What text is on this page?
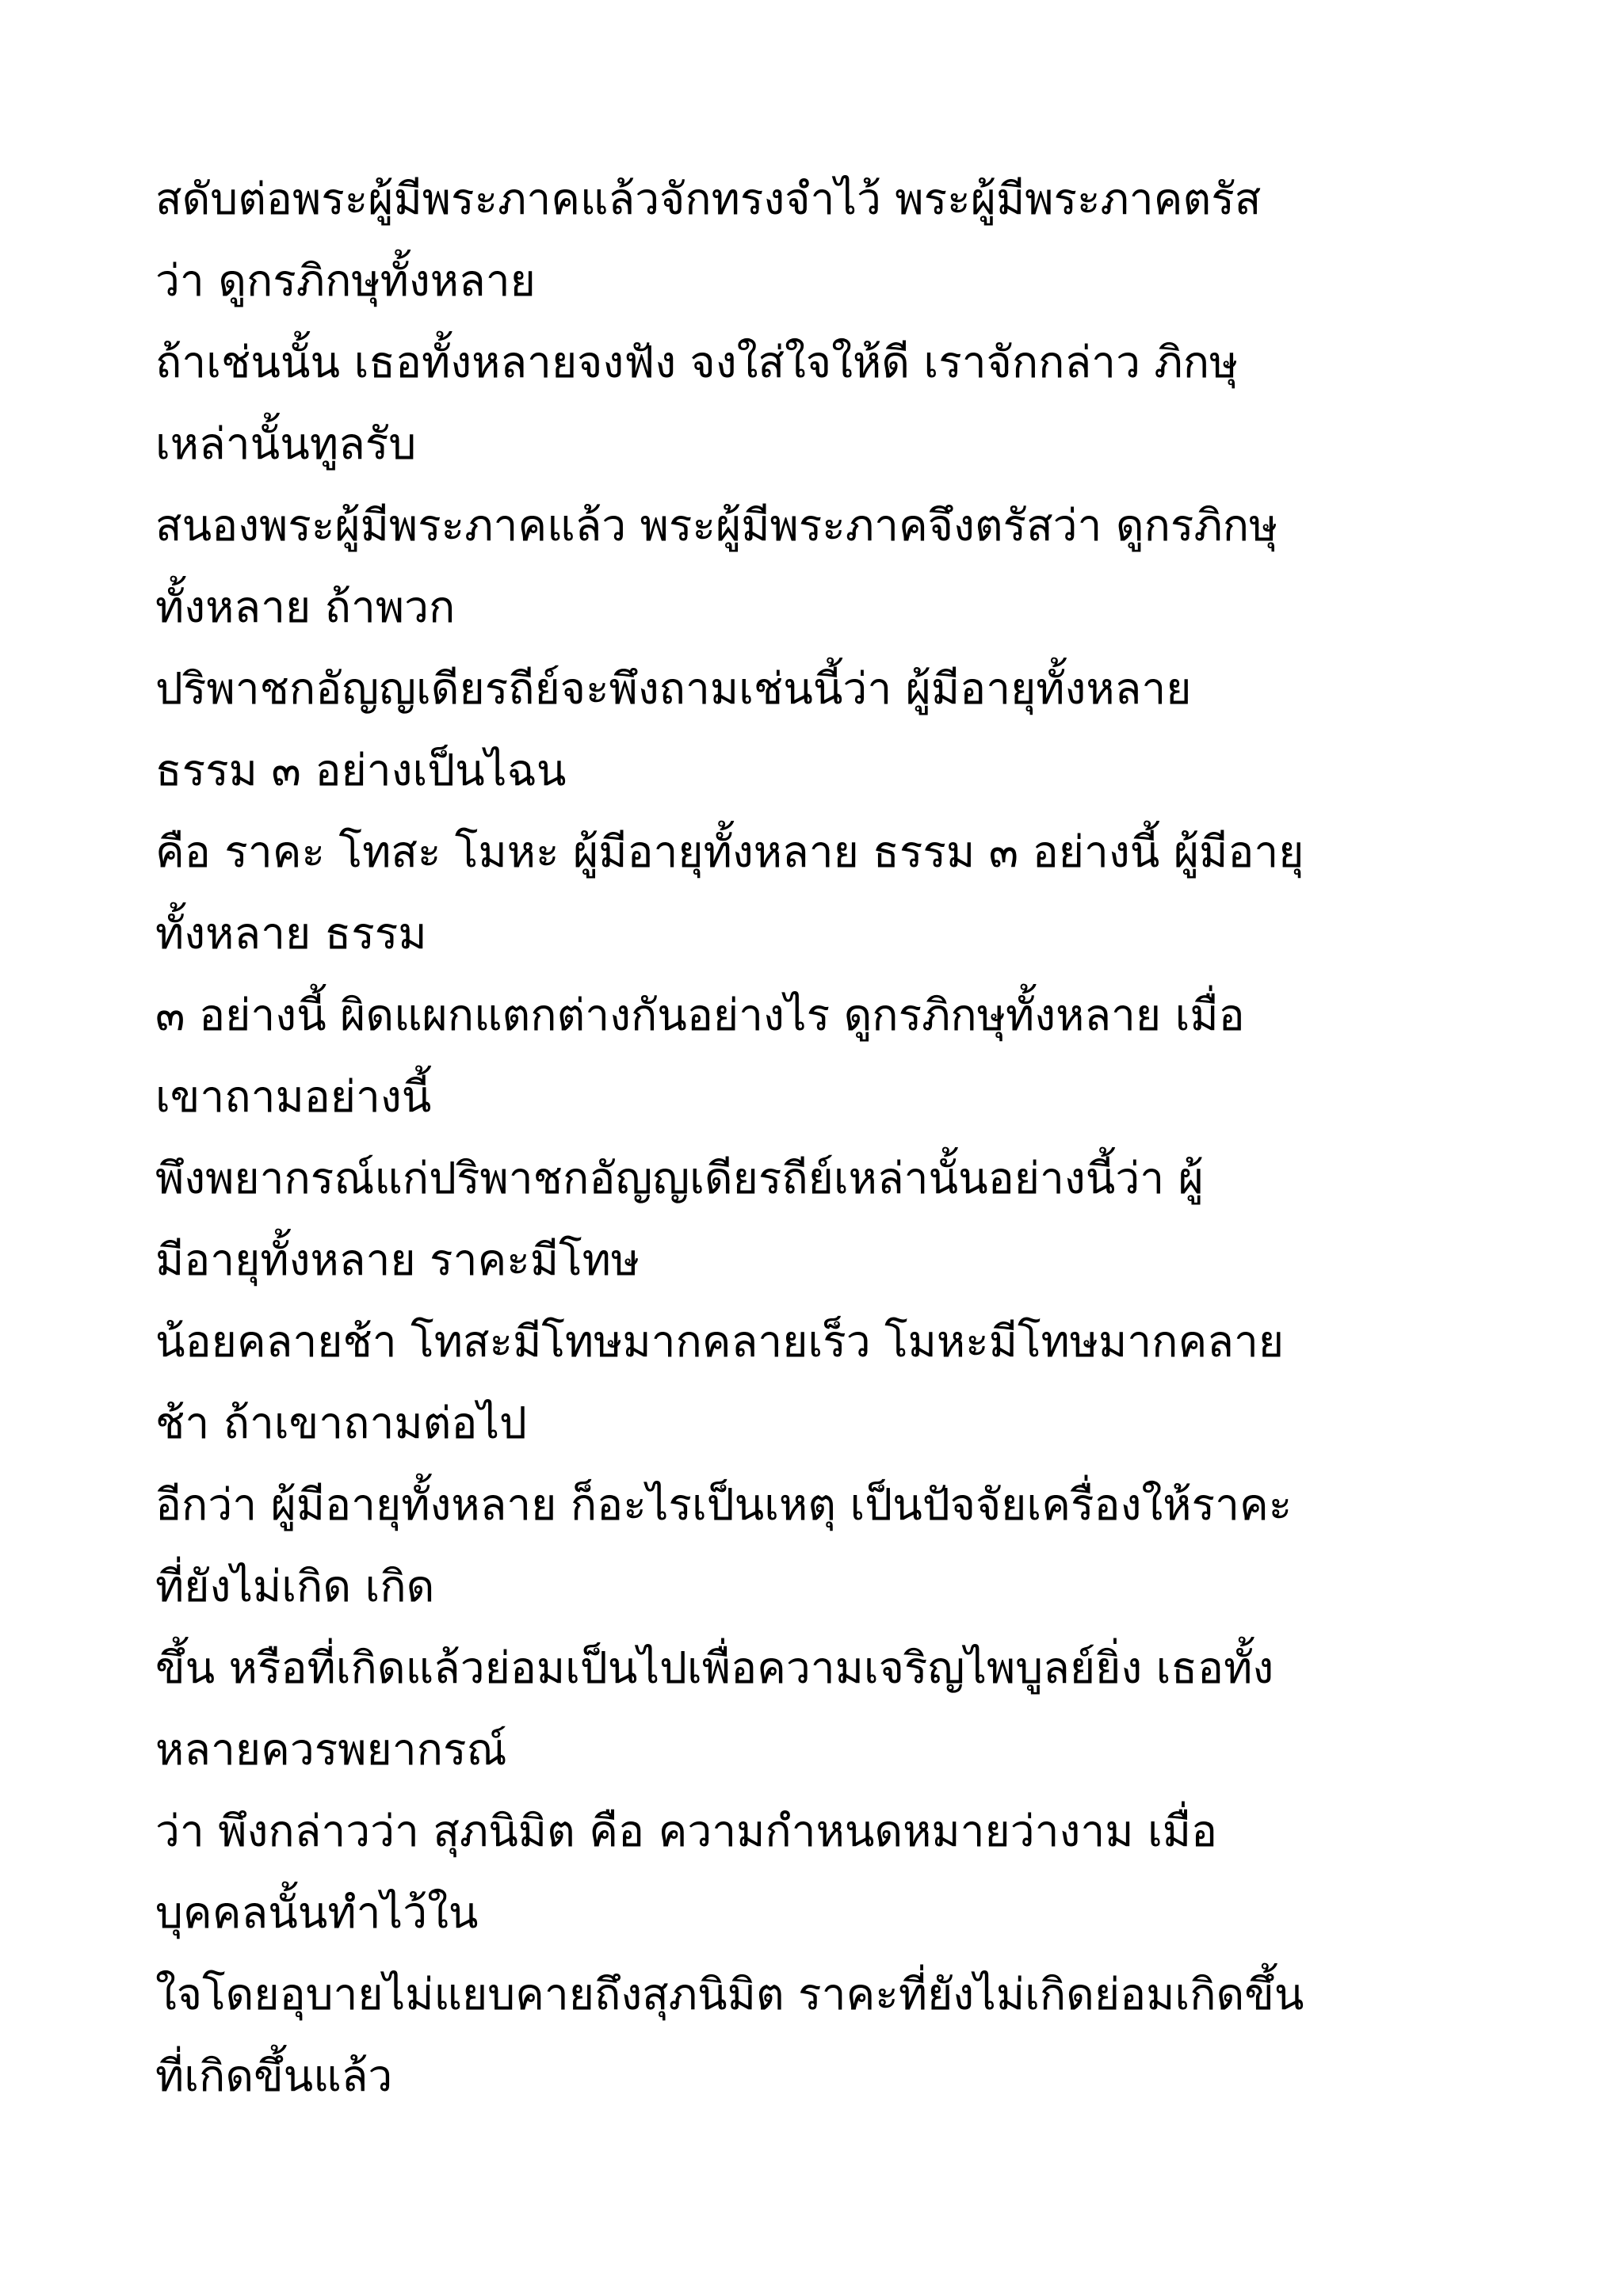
สดับต่อพระผู้มีพระภาคแล้วจักทรงจำไว้ พระผู้มีพระภาคตรัส
ว่า ดูกรภิกษุทั้งหลาย
ถ้าเช่นนั้น เธอทั้งหลายจงฟัง จงใส่ใจให้ดี เราจักกล่าว ภิกษุ
เหล่านั้นทูลรับ
สนองพระผู้มีพระภาคแล้ว พระผู้มีพระภาคจึงตรัสว่า ดูกรภิกษุ
ทั้งหลาย ถ้าพวก
ปริพาชกอัญญเดียรถีย์จะพึงถามเช่นนี้ว่า ผู้มีอายุทั้งหลาย
ธรรม ๓ อย่างเป็นไฉน
คือ ราคะ โทสะ โมหะ ผู้มีอายุทั้งหลาย ธรรม ๓ อย่างนี้ ผู้มีอายุ
ทั้งหลาย ธรรม
๓ อย่างนี้ ผิดแผกแตกต่างกันอย่างไร ดูกรภิกษุทั้งหลาย เมื่อ
เขาถามอย่างนี้
พึงพยากรณ์แก่ปริพาชกอัญญเดียรถีย์เหล่านั้นอย่างนี้ว่า ผู้
มีอายุทั้งหลาย ราคะมีโทษ
น้อยคลายช้า โทสะมีโทษมากคลายเร็ว โมหะมีโทษมากคลาย
ช้า ถ้าเขาถามต่อไป
อีกว่า ผู้มีอายุทั้งหลาย ก็อะไรเป็นเหตุ เป็นปัจจัยเครื่องให้ราคะ
ที่ยังไม่เกิด เกิด
ขึ้น หรือที่เกิดแล้วย่อมเป็นไปเพื่อความเจริญไพบูลย์ยิ่ง เธอทั้ง
หลายควรพยากรณ์
ว่า พึงกล่าวว่า สุภนิมิต คือ ความกำหนดหมายว่างาม เมื่อ
บุคคลนั้นทำไว้ใน
ใจโดยอุบายไม่แยบคายถึงสุภนิมิต ราคะที่ยังไม่เกิดย่อมเกิดขึ้น
ที่เกิดขึ้นแล้ว
